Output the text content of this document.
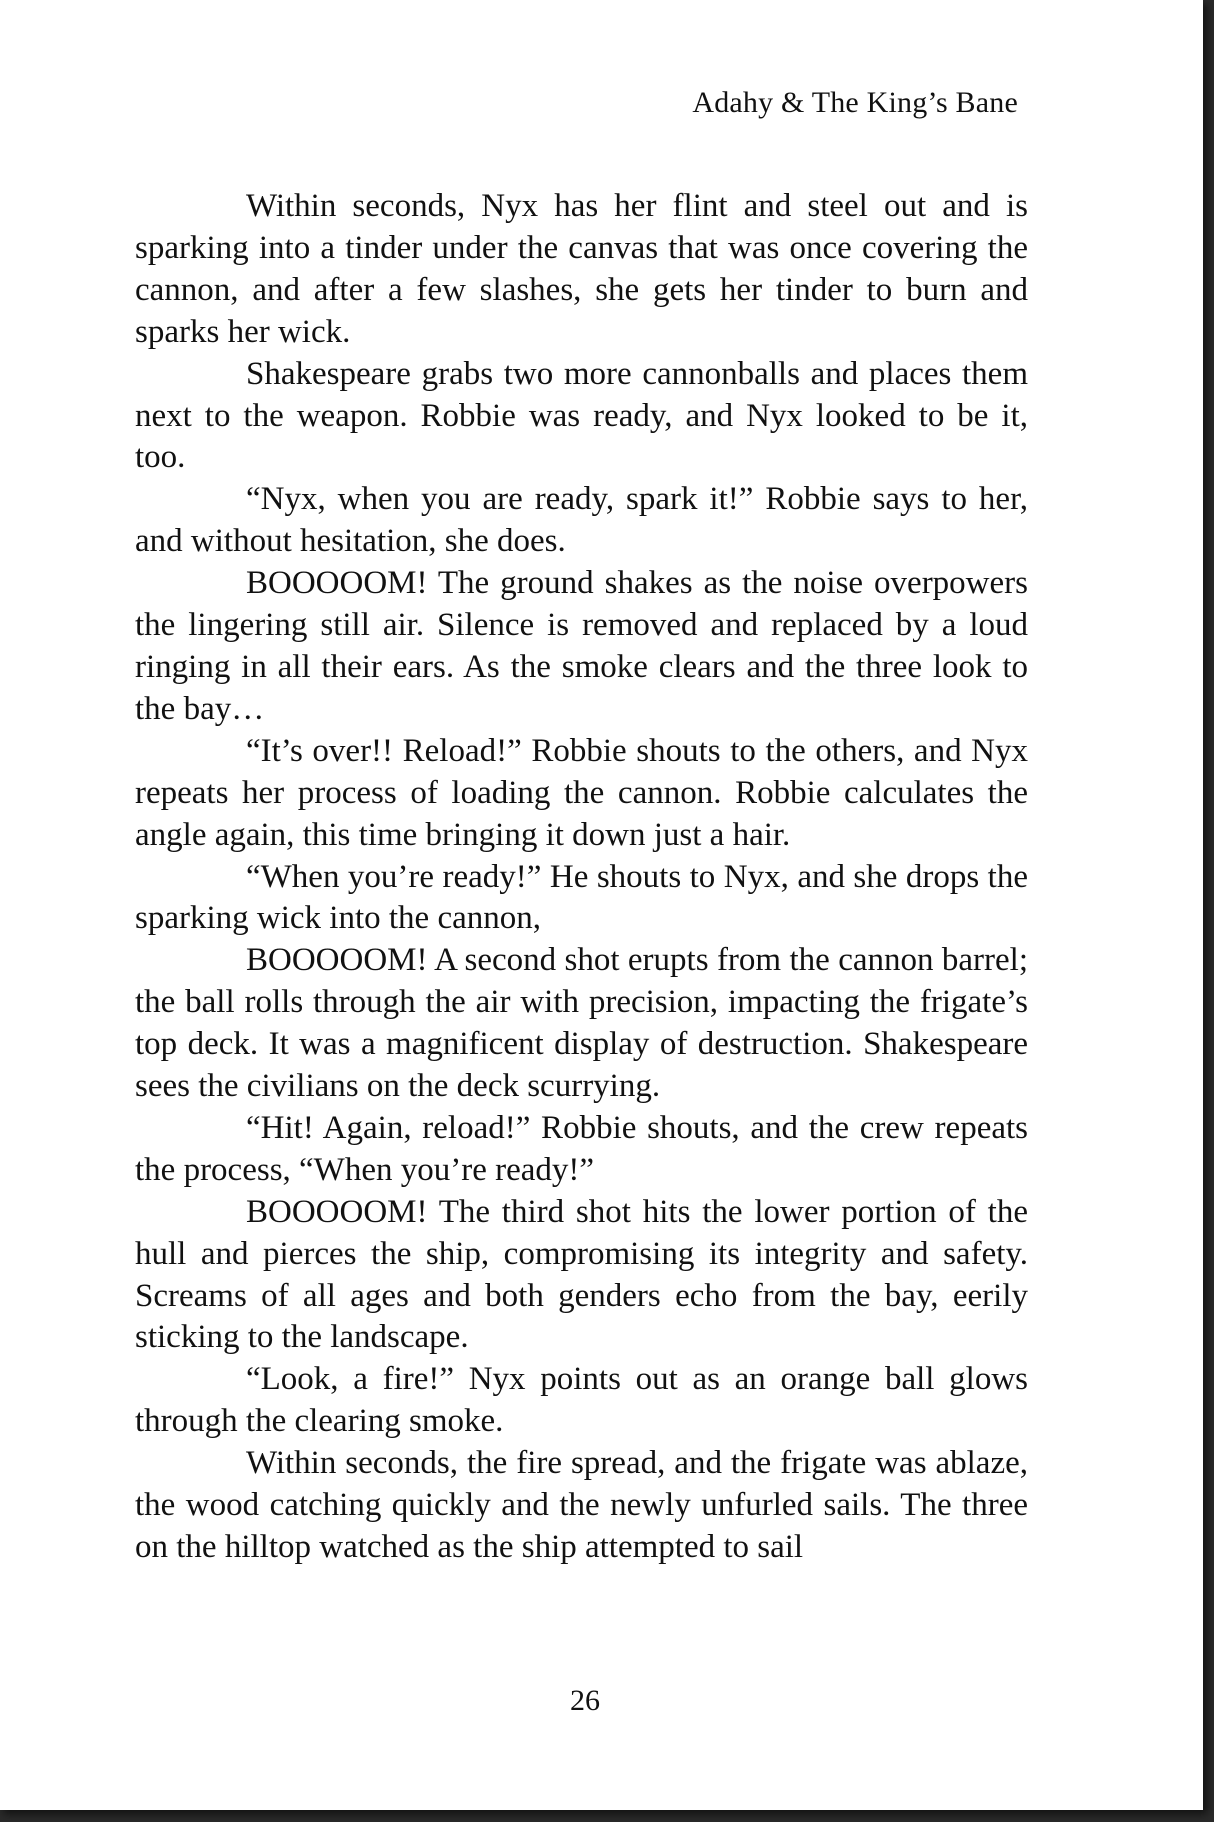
Adahy & The King’s Bane

Within seconds, Nyx has her flint and steel out and is sparking into a tinder under the canvas that was once covering the cannon, and after a few slashes, she gets her tinder to burn and sparks her wick.

Shakespeare grabs two more cannonballs and places them next to the weapon. Robbie was ready, and Nyx looked to be it, too.

“Nyx, when you are ready, spark it!” Robbie says to her, and without hesitation, she does.

BOOOOOM! The ground shakes as the noise overpowers the lingering still air. Silence is removed and replaced by a loud ringing in all their ears. As the smoke clears and the three look to the bay…

“It’s over!! Reload!” Robbie shouts to the others, and Nyx repeats her process of loading the cannon. Robbie calculates the angle again, this time bringing it down just a hair.

“When you’re ready!” He shouts to Nyx, and she drops the sparking wick into the cannon,

BOOOOOM! A second shot erupts from the cannon barrel; the ball rolls through the air with precision, impacting the frigate’s top deck. It was a magnificent display of destruction. Shakespeare sees the civilians on the deck scurrying.

“Hit! Again, reload!” Robbie shouts, and the crew repeats the process, “When you’re ready!”

BOOOOOM! The third shot hits the lower portion of the hull and pierces the ship, compromising its integrity and safety. Screams of all ages and both genders echo from the bay, eerily sticking to the landscape.

“Look, a fire!” Nyx points out as an orange ball glows through the clearing smoke.

Within seconds, the fire spread, and the frigate was ablaze, the wood catching quickly and the newly unfurled sails. The three on the hilltop watched as the ship attempted to sail

26
